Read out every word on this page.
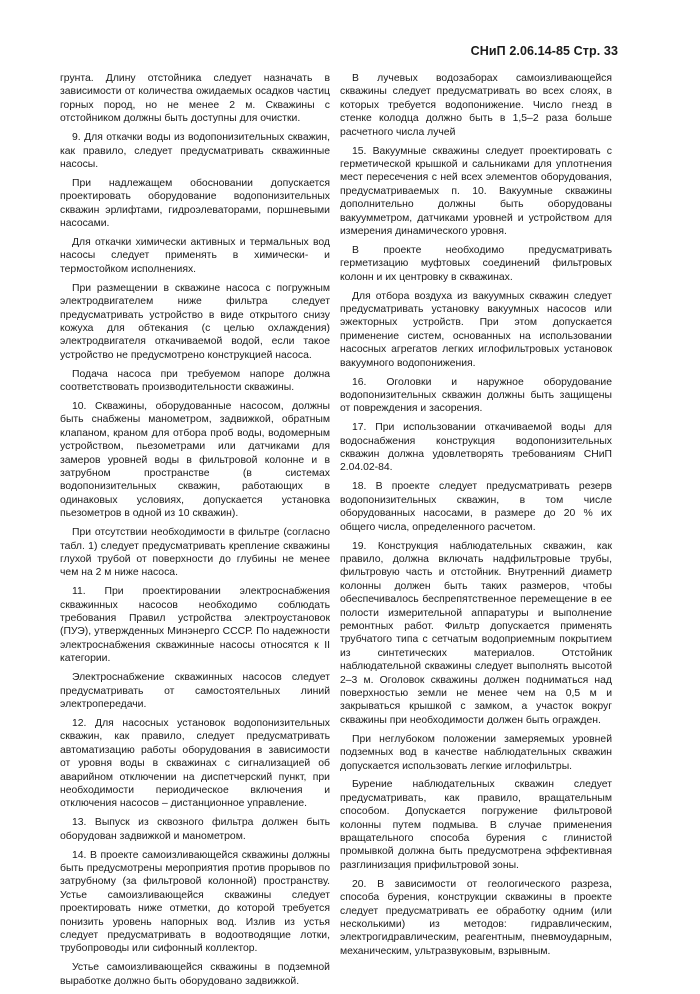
СНиП 2.06.14-85 Стр. 33

грунта. Длину отстойника следует назначать в зависимости от количества ожидаемых осадков частиц горных пород, но не менее 2 м. Скважины с отстойником должны быть доступны для очистки.

9. Для откачки воды из водопонизительных скважин, как правило, следует предусматривать скважинные насосы.

При надлежащем обосновании допускается проектировать оборудование водопонизительных скважин эрлифтами, гидроэлеваторами, поршневыми насосами.

Для откачки химически активных и термальных вод насосы следует применять в химически- и термостойком исполнениях.

При размещении в скважине насоса с погружным электродвигателем ниже фильтра следует предусматривать устройство в виде открытого снизу кожуха для обтекания (с целью охлаждения) электродвигателя откачиваемой водой, если такое устройство не предусмотрено конструкцией насоса.

Подача насоса при требуемом напоре должна соответствовать производительности скважины.

10. Скважины, оборудованные насосом, должны быть снабжены манометром, задвижкой, обратным клапаном, краном для отбора проб воды, водомерным устройством, пьезометрами или датчиками для замеров уровней воды в фильтровой колонне и в затрубном пространстве (в системах водопонизительных скважин, работающих в одинаковых условиях, допускается установка пьезометров в одной из 10 скважин).

При отсутствии необходимости в фильтре (согласно табл. 1) следует предусматривать крепление скважины глухой трубой от поверхности до глубины не менее чем на 2 м ниже насоса.

11. При проектировании электроснабжения скважинных насосов необходимо соблюдать требования Правил устройства электроустановок (ПУЭ), утвержденных Минэнерго СССР. По надежности электроснабжения скважинные насосы относятся к II категории.

Электроснабжение скважинных насосов следует предусматривать от самостоятельных линий электропередачи.

12. Для насосных установок водопонизительных скважин, как правило, следует предусматривать автоматизацию работы оборудования в зависимости от уровня воды в скважинах с сигнализацией об аварийном отключении на диспетчерский пункт, при необходимости периодическое включения и отключения насосов – дистанционное управление.

13. Выпуск из сквозного фильтра должен быть оборудован задвижкой и манометром.

14. В проекте самоизливающейся скважины должны быть предусмотрены мероприятия против прорывов по затрубному (за фильтровой колонной) пространству. Устье самоизливающейся скважины следует проектировать ниже отметки, до которой требуется понизить уровень напорных вод. Излив из устья следует предусматривать в водоотводящие лотки, трубопроводы или сифонный коллектор.

Устье самоизливающейся скважины в подземной выработке должно быть оборудовано задвижкой.

В лучевых водозаборах самоизливающейся скважины следует предусматривать во всех слоях, в которых требуется водопонижение. Число гнезд в стенке колодца должно быть в 1,5–2 раза больше расчетного числа лучей

15. Вакуумные скважины следует проектировать с герметической крышкой и сальниками для уплотнения мест пересечения с ней всех элементов оборудования, предусматриваемых п. 10. Вакуумные скважины дополнительно должны быть оборудованы вакуумметром, датчиками уровней и устройством для измерения динамического уровня.

В проекте необходимо предусматривать герметизацию муфтовых соединений фильтровых колонн и их центровку в скважинах.

Для отбора воздуха из вакуумных скважин следует предусматривать установку вакуумных насосов или эжекторных устройств. При этом допускается применение систем, основанных на использовании насосных агрегатов легких иглофильтровых установок вакуумного водопонижения.

16. Оголовки и наружное оборудование водопонизительных скважин должны быть защищены от повреждения и засорения.

17. При использовании откачиваемой воды для водоснабжения конструкция водопонизительных скважин должна удовлетворять требованиям СНиП 2.04.02-84.

18. В проекте следует предусматривать резерв водопонизительных скважин, в том числе оборудованных насосами, в размере до 20 % их общего числа, определенного расчетом.

19. Конструкция наблюдательных скважин, как правило, должна включать надфильтровые трубы, фильтровую часть и отстойник. Внутренний диаметр колонны должен быть таких размеров, чтобы обеспечивалось беспрепятственное перемещение в ее полости измерительной аппаратуры и выполнение ремонтных работ. Фильтр допускается применять трубчатого типа с сетчатым водоприемным покрытием из синтетических материалов. Отстойник наблюдательной скважины следует выполнять высотой 2–3 м. Оголовок скважины должен подниматься над поверхностью земли не менее чем на 0,5 м и закрываться крышкой с замком, а участок вокруг скважины при необходимости должен быть огражден.

При неглубоком положении замеряемых уровней подземных вод в качестве наблюдательных скважин допускается использовать легкие иглофильтры.

Бурение наблюдательных скважин следует предусматривать, как правило, вращательным способом. Допускается погружение фильтровой колонны путем подмыва. В случае применения вращательного способа бурения с глинистой промывкой должна быть предусмотрена эффективная разглинизация прифильтровой зоны.

20. В зависимости от геологического разреза, способа бурения, конструкции скважины в проекте следует предусматривать ее обработку одним (или несколькими) из методов: гидравлическим, электрогидравлическим, реагентным, пневмоударным, механическим, ультразвуковым, взрывным.
